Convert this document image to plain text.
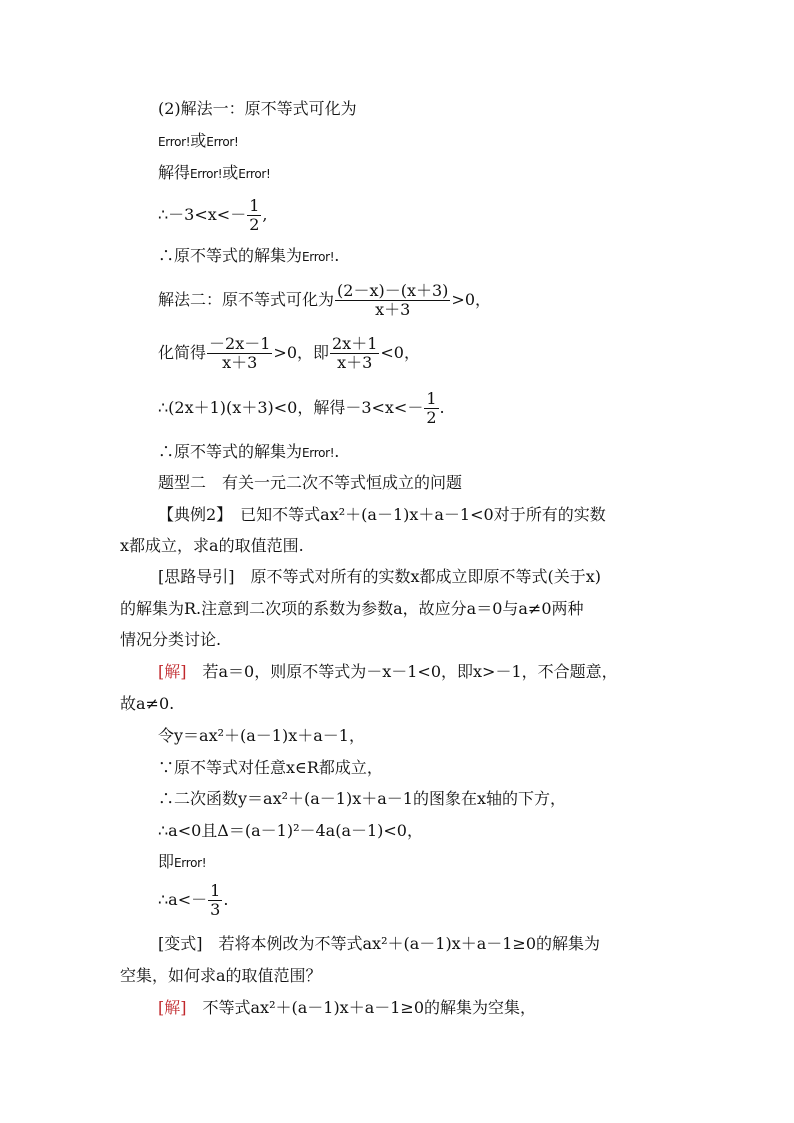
(2)解法一：原不等式可化为
Error!或Error!
解得Error!或Error!
∴－3<x<－ $\frac{1}{2}$ ,
∴原不等式的解集为Error!.
解法二：原不等式可化为 $\frac{(2-x)-(x+3)}{x+3} >0$，
化简得 $\frac{-2x-1}{x+3} >0$，即 $\frac{2x+1}{x+3} <0$，
∴(2x＋1)(x＋3)<0，解得$-3<x<- \frac{1}{2}$ .
∴原不等式的解集为Error!.
题型二　有关一元二次不等式恒成立的问题
【典例2】　已知不等式ax²＋(a－1)x＋a－1<0对于所有的实数
x都成立，求a的取值范围.
[思路导引]　原不等式对所有的实数x都成立即原不等式(关于x)
的解集为R.注意到二次项的系数为参数a，故应分a＝0与a≠0两种
情况分类讨论.
[解]　若a＝0，则原不等式为－x－1<0，即x>－1，不合题意，
故a≠0.
令y＝ax²＋(a－1)x＋a－1，
∵原不等式对任意x∈R都成立，
∴二次函数y＝ax²＋(a－1)x＋a－1的图象在x轴的下方，
∴a<0且Δ＝(a－1)²－4a(a－1)<0，
即Error!
∴a<－ $\frac{1}{3}$ .
[变式]　若将本例改为不等式ax²＋(a－1)x＋a－1≥0的解集为
空集，如何求a的取值范围？
[解]　不等式ax²＋(a－1)x＋a－1≥0的解集为空集，
